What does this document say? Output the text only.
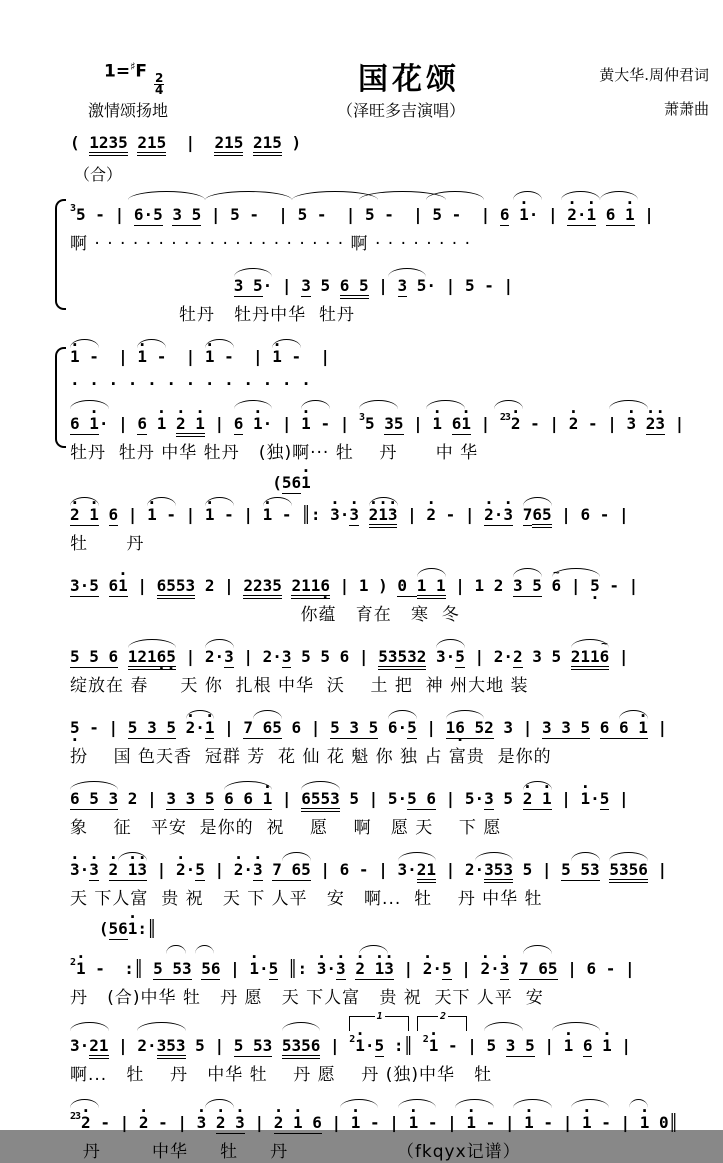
1=♯F
$\frac{2}{4}$	国花颂	黄大华.周仲君词
激情颂扬地	（泽旺多吉演唱）	萧萧曲
( 1235 215 | 215 215 )
（合）
$^3$5 - | 6·5 3 5 | 5 - | 5 - | 5 - | 5 - | 6 · 1· | · 2·· 1 6 · 1 |
啊 · · · · · · · · · · · · · · · · · · · · 啊 · · · · · · · ·
3 5· | 3 5 6 5 | 3 5· | 5 - |
牡丹   牡丹中华  牡丹
· 1 - | · 1 - | · 1 - | · 1 - |
· · · · · · · · · · · · ·
6 · 1· | 6 · 1 · 2 · 1 | 6 · 1· | · 1 - | $^3$5 35 | · 1 6· 1 | $^{23}$· 2 - | · 2 - | · 3 · 2· 3 |
牡丹  牡丹 中华 牡丹   (独)啊··· 牡    丹      中 华
(56· 1
· 2 · 1 6 | · 1 - | · 1 - | · 1 - ║: · 3·· 3 · 2· 1· 3 | · 2 - | · 2·· 3 765 | 6 - |
牡      丹
3·5 6· 1 | 6553 2 | 2235 2116 · | 1 ) 0 1 1 | 1 2 3 5 ~ 6 | 5 · - |
你蕴   育在   寒  冬
5 5 6 1216 ·5 · | 2·3 | 2·3 5 5 6 | 53532 3·5 | 2·2 3 5 211~ 6 |
绽放在 春     天 你  扎根 中华  沃    土 把  神 州大地 装
5 · - | 5 3 5 · 2·· 1 | 7 65 6 | 5 3 5 6·5 | 16 · 52 3 | 3 3 5 6 6 · 1 |
扮    国 色天香  冠群 芳  花 仙 花 魁 你 独 占 富贵  是你的
6 5 3 2 | 3 3 5 6 6 · 1 | 6553 5 | 5·5 6 | 5·3 5 · 2 · 1 | · 1·5 |
象    征   平安  是你的  祝    愿    啊   愿 天    下 愿
· 3·· 3 · 2 · 1· 3 | · 2·5 | · 2·· 3 7 65 | 6 - | 3·21 | 2·353 5 | 5 53 5356 |
天 下人富  贵 祝   天 下 人平   安   啊...  牡    丹 中华 牡
(56· 1:║
$^2$· 1 - :║ 5 53 56 | · 1·5 ║: · 3·· 3 · 2 · 1· 3 | · 2·5 | · 2·· 3 7 65 | 6 - |
丹   (合)中华 牡   丹 愿   天 下人富   贵 祝  天下 人平  安
3·21 | 2·353 5 | 5 53 5356 | $^2$· 1·5 :║ $^2$· 1 - | 5 3 5 | · 1 6 · 1 |
1	2
啊...   牡    丹   中华 牡    丹 愿    丹 (独)中华   牡
$^{23}$· 2 - | · 2 - | · 3 · 2 · 3 | · 2 · 1 6 | · 1 - | · 1 - | · 1 - | · 1 - | · 1 - | · 1 0║
丹        中华     牡     丹                 （fkqyx记谱）
